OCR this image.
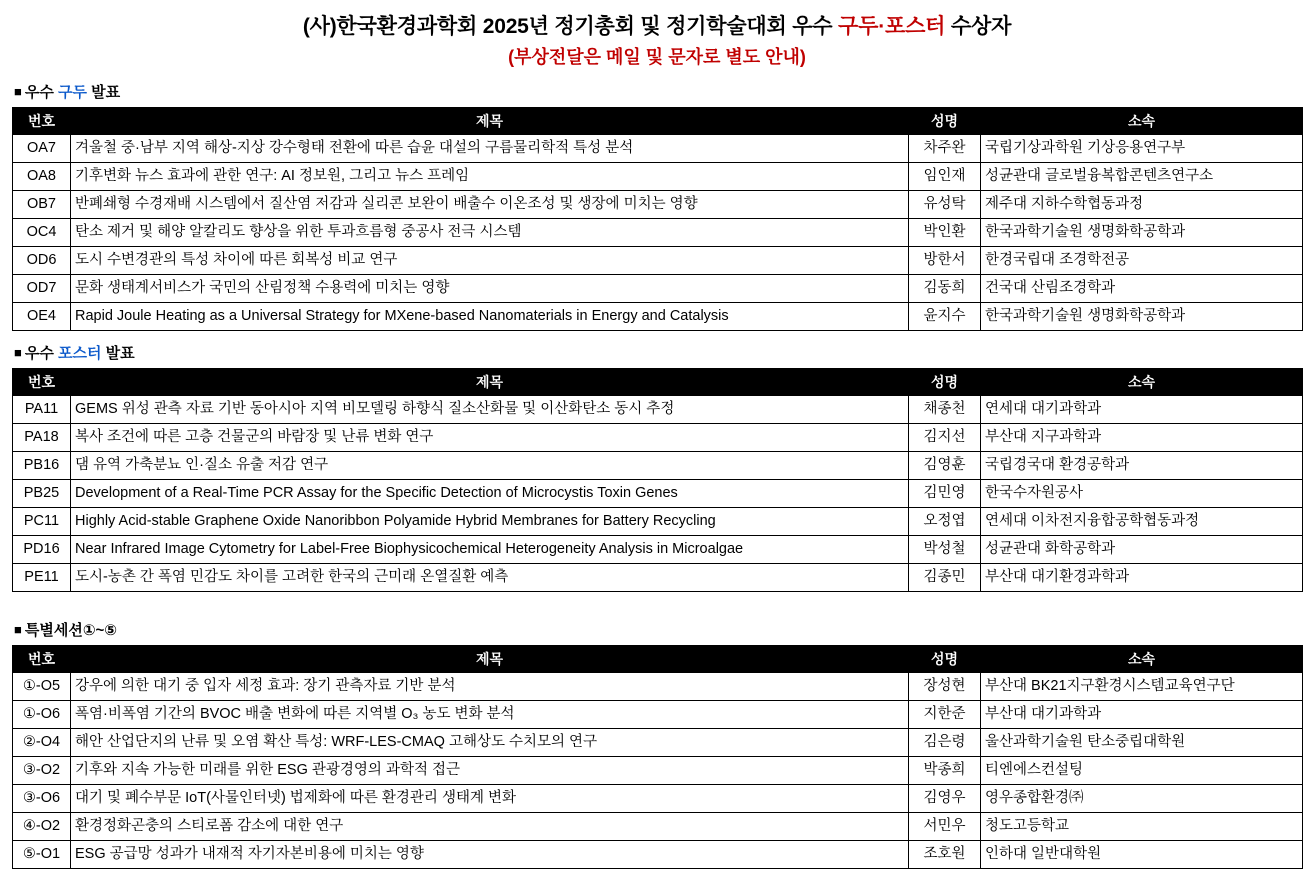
(사)한국환경과학회 2025년 정기총회 및 정기학술대회 우수 구두·포스터 수상자
(부상전달은 메일 및 문자로 별도 안내)
■ 우수 구두 발표
번호	제목	성명	소속
OA7	겨울철 중·남부 지역 해상-지상 강수형태 전환에 따른 습윤 대설의 구름물리학적 특성 분석	차주완	국립기상과학원 기상응용연구부
OA8	기후변화 뉴스 효과에 관한 연구: AI 정보원, 그리고 뉴스 프레임	임인재	성균관대 글로벌융복합콘텐츠연구소
OB7	반폐쇄형 수경재배 시스템에서 질산염 저감과 실리콘 보완이 배출수 이온조성 및 생장에 미치는 영향	유성탁	제주대 지하수학협동과정
OC4	탄소 제거 및 해양 알칼리도 향상을 위한 투과흐름형 중공사 전극 시스템	박인환	한국과학기술원 생명화학공학과
OD6	도시 수변경관의 특성 차이에 따른 회복성 비교 연구	방한서	한경국립대 조경학전공
OD7	문화 생태계서비스가 국민의 산림정책 수용력에 미치는 영향	김동희	건국대 산림조경학과
OE4	Rapid Joule Heating as a Universal Strategy for MXene-based Nanomaterials in Energy and Catalysis	윤지수	한국과학기술원 생명화학공학과
■ 우수 포스터 발표
번호	제목	성명	소속
PA11	GEMS 위성 관측 자료 기반 동아시아 지역 비모델링 하향식 질소산화물 및 이산화탄소 동시 추정	채종천	연세대 대기과학과
PA18	복사 조건에 따른 고층 건물군의 바람장 및 난류 변화 연구	김지선	부산대 지구과학과
PB16	댐 유역 가축분뇨 인·질소 유출 저감 연구	김영훈	국립경국대 환경공학과
PB25	Development of a Real-Time PCR Assay for the Specific Detection of Microcystis Toxin Genes	김민영	한국수자원공사
PC11	Highly Acid-stable Graphene Oxide Nanoribbon Polyamide Hybrid Membranes for Battery Recycling	오정엽	연세대 이차전지융합공학협동과정
PD16	Near Infrared Image Cytometry for Label-Free Biophysicochemical Heterogeneity Analysis in Microalgae	박성철	성균관대 화학공학과
PE11	도시-농촌 간 폭염 민감도 차이를 고려한 한국의 근미래 온열질환 예측	김종민	부산대 대기환경과학과
■ 특별세션①~⑤
번호	제목	성명	소속
①-O5	강우에 의한 대기 중 입자 세정 효과: 장기 관측자료 기반 분석	장성현	부산대 BK21지구환경시스템교육연구단
①-O6	폭염·비폭염 기간의 BVOC 배출 변화에 따른 지역별 O₃ 농도 변화 분석	지한준	부산대 대기과학과
②-O4	해안 산업단지의 난류 및 오염 확산 특성: WRF-LES-CMAQ 고해상도 수치모의 연구	김은령	울산과학기술원 탄소중립대학원
③-O2	기후와 지속 가능한 미래를 위한 ESG 관광경영의 과학적 접근	박종희	티엔에스컨설팅
③-O6	대기 및 폐수부문 IoT(사물인터넷) 법제화에 따른 환경관리 생태계 변화	김영우	영우종합환경㈜
④-O2	환경정화곤충의 스티로폼 감소에 대한 연구	서민우	청도고등학교
⑤-O1	ESG 공급망 성과가 내재적 자기자본비용에 미치는 영향	조호원	인하대 일반대학원
